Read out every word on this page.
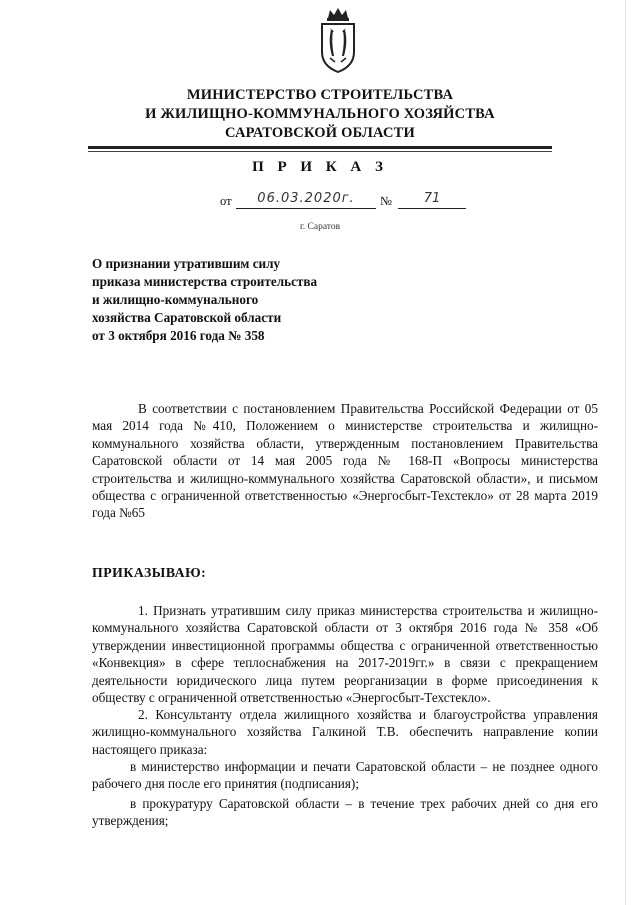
МИНИСТЕРСТВО СТРОИТЕЛЬСТВА
И ЖИЛИЩНО-КОММУНАЛЬНОГО ХОЗЯЙСТВА
САРАТОВСКОЙ ОБЛАСТИ
П Р И К А З
от	06.03.2020г.	№	71
г. Саратов
О признании утратившим силу
приказа министерства строительства
и жилищно-коммунального
хозяйства Саратовской области
от 3 октября 2016 года № 358

В соответствии с постановлением Правительства Российской Федерации от 05 мая 2014 года №410, Положением о министерстве строительства и жилищно-коммунального хозяйства области, утвержденным постановлением Правительства Саратовской области от 14 мая 2005 года № 168-П «Вопросы министерства строительства и жилищно-коммунального хозяйства Саратовской области», и письмом общества с ограниченной ответственностью «Энергосбыт-Техстекло» от 28 марта 2019 года №65

ПРИКАЗЫВАЮ:

1. Признать утратившим силу приказ министерства строительства и жилищно-коммунального хозяйства Саратовской области от 3 октября 2016 года № 358 «Об утверждении инвестиционной программы общества с ограниченной ответственностью «Конвекция» в сфере теплоснабжения на 2017-2019гг.» в связи с прекращением деятельности юридического лица путем реорганизации в форме присоединения к обществу с ограниченной ответственностью «Энергосбыт-Техстекло».

2. Консультанту отдела жилищного хозяйства и благоустройства управления жилищно-коммунального хозяйства Галкиной Т.В. обеспечить направление копии настоящего приказа:

в министерство информации и печати Саратовской области – не позднее одного рабочего дня после его принятия (подписания);

в прокуратуру Саратовской области – в течение трех рабочих дней со дня его утверждения;
